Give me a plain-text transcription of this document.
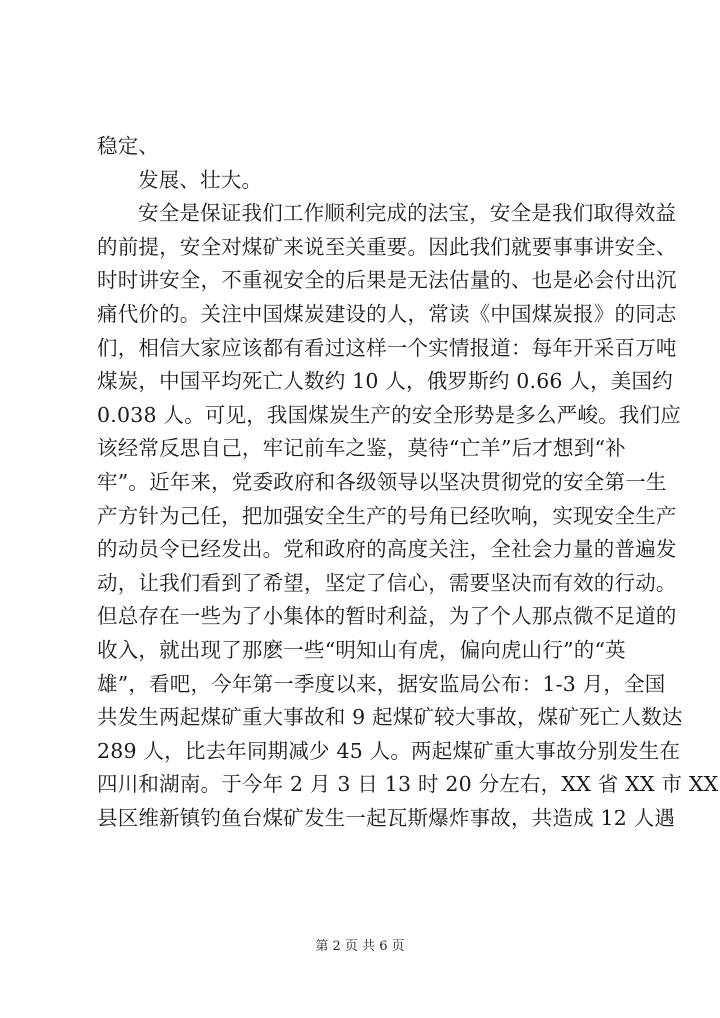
稳定、
发展、壮大。
安全是保证我们工作顺利完成的法宝，安全是我们取得效益
的前提，安全对煤矿来说至关重要。因此我们就要事事讲安全、
时时讲安全，不重视安全的后果是无法估量的、也是必会付出沉
痛代价的。关注中国煤炭建设的人，常读《中国煤炭报》的同志
们，相信大家应该都有看过这样一个实情报道：每年开采百万吨
煤炭，中国平均死亡人数约 10 人，俄罗斯约 0.66 人，美国约
0.038 人。可见，我国煤炭生产的安全形势是多么严峻。我们应
该经常反思自己，牢记前车之鉴，莫待“亡羊”后才想到“补
牢”。近年来，党委政府和各级领导以坚决贯彻党的安全第一生
产方针为己任，把加强安全生产的号角已经吹响，实现安全生产
的动员令已经发出。党和政府的高度关注，全社会力量的普遍发
动，让我们看到了希望，坚定了信心，需要坚决而有效的行动。
但总存在一些为了小集体的暂时利益，为了个人那点微不足道的
收入，就出现了那麽一些“明知山有虎，偏向虎山行”的“英
雄”，看吧，今年第一季度以来，据安监局公布：1-3 月，全国
共发生两起煤矿重大事故和 9 起煤矿较大事故，煤矿死亡人数达
289 人，比去年同期减少 45 人。两起煤矿重大事故分别发生在
四川和湖南。于今年 2 月 3 日 13 时 20 分左右，XX 省 XX 市 XX
县区维新镇钓鱼台煤矿发生一起瓦斯爆炸事故，共造成 12 人遇
第 2 页 共 6 页
